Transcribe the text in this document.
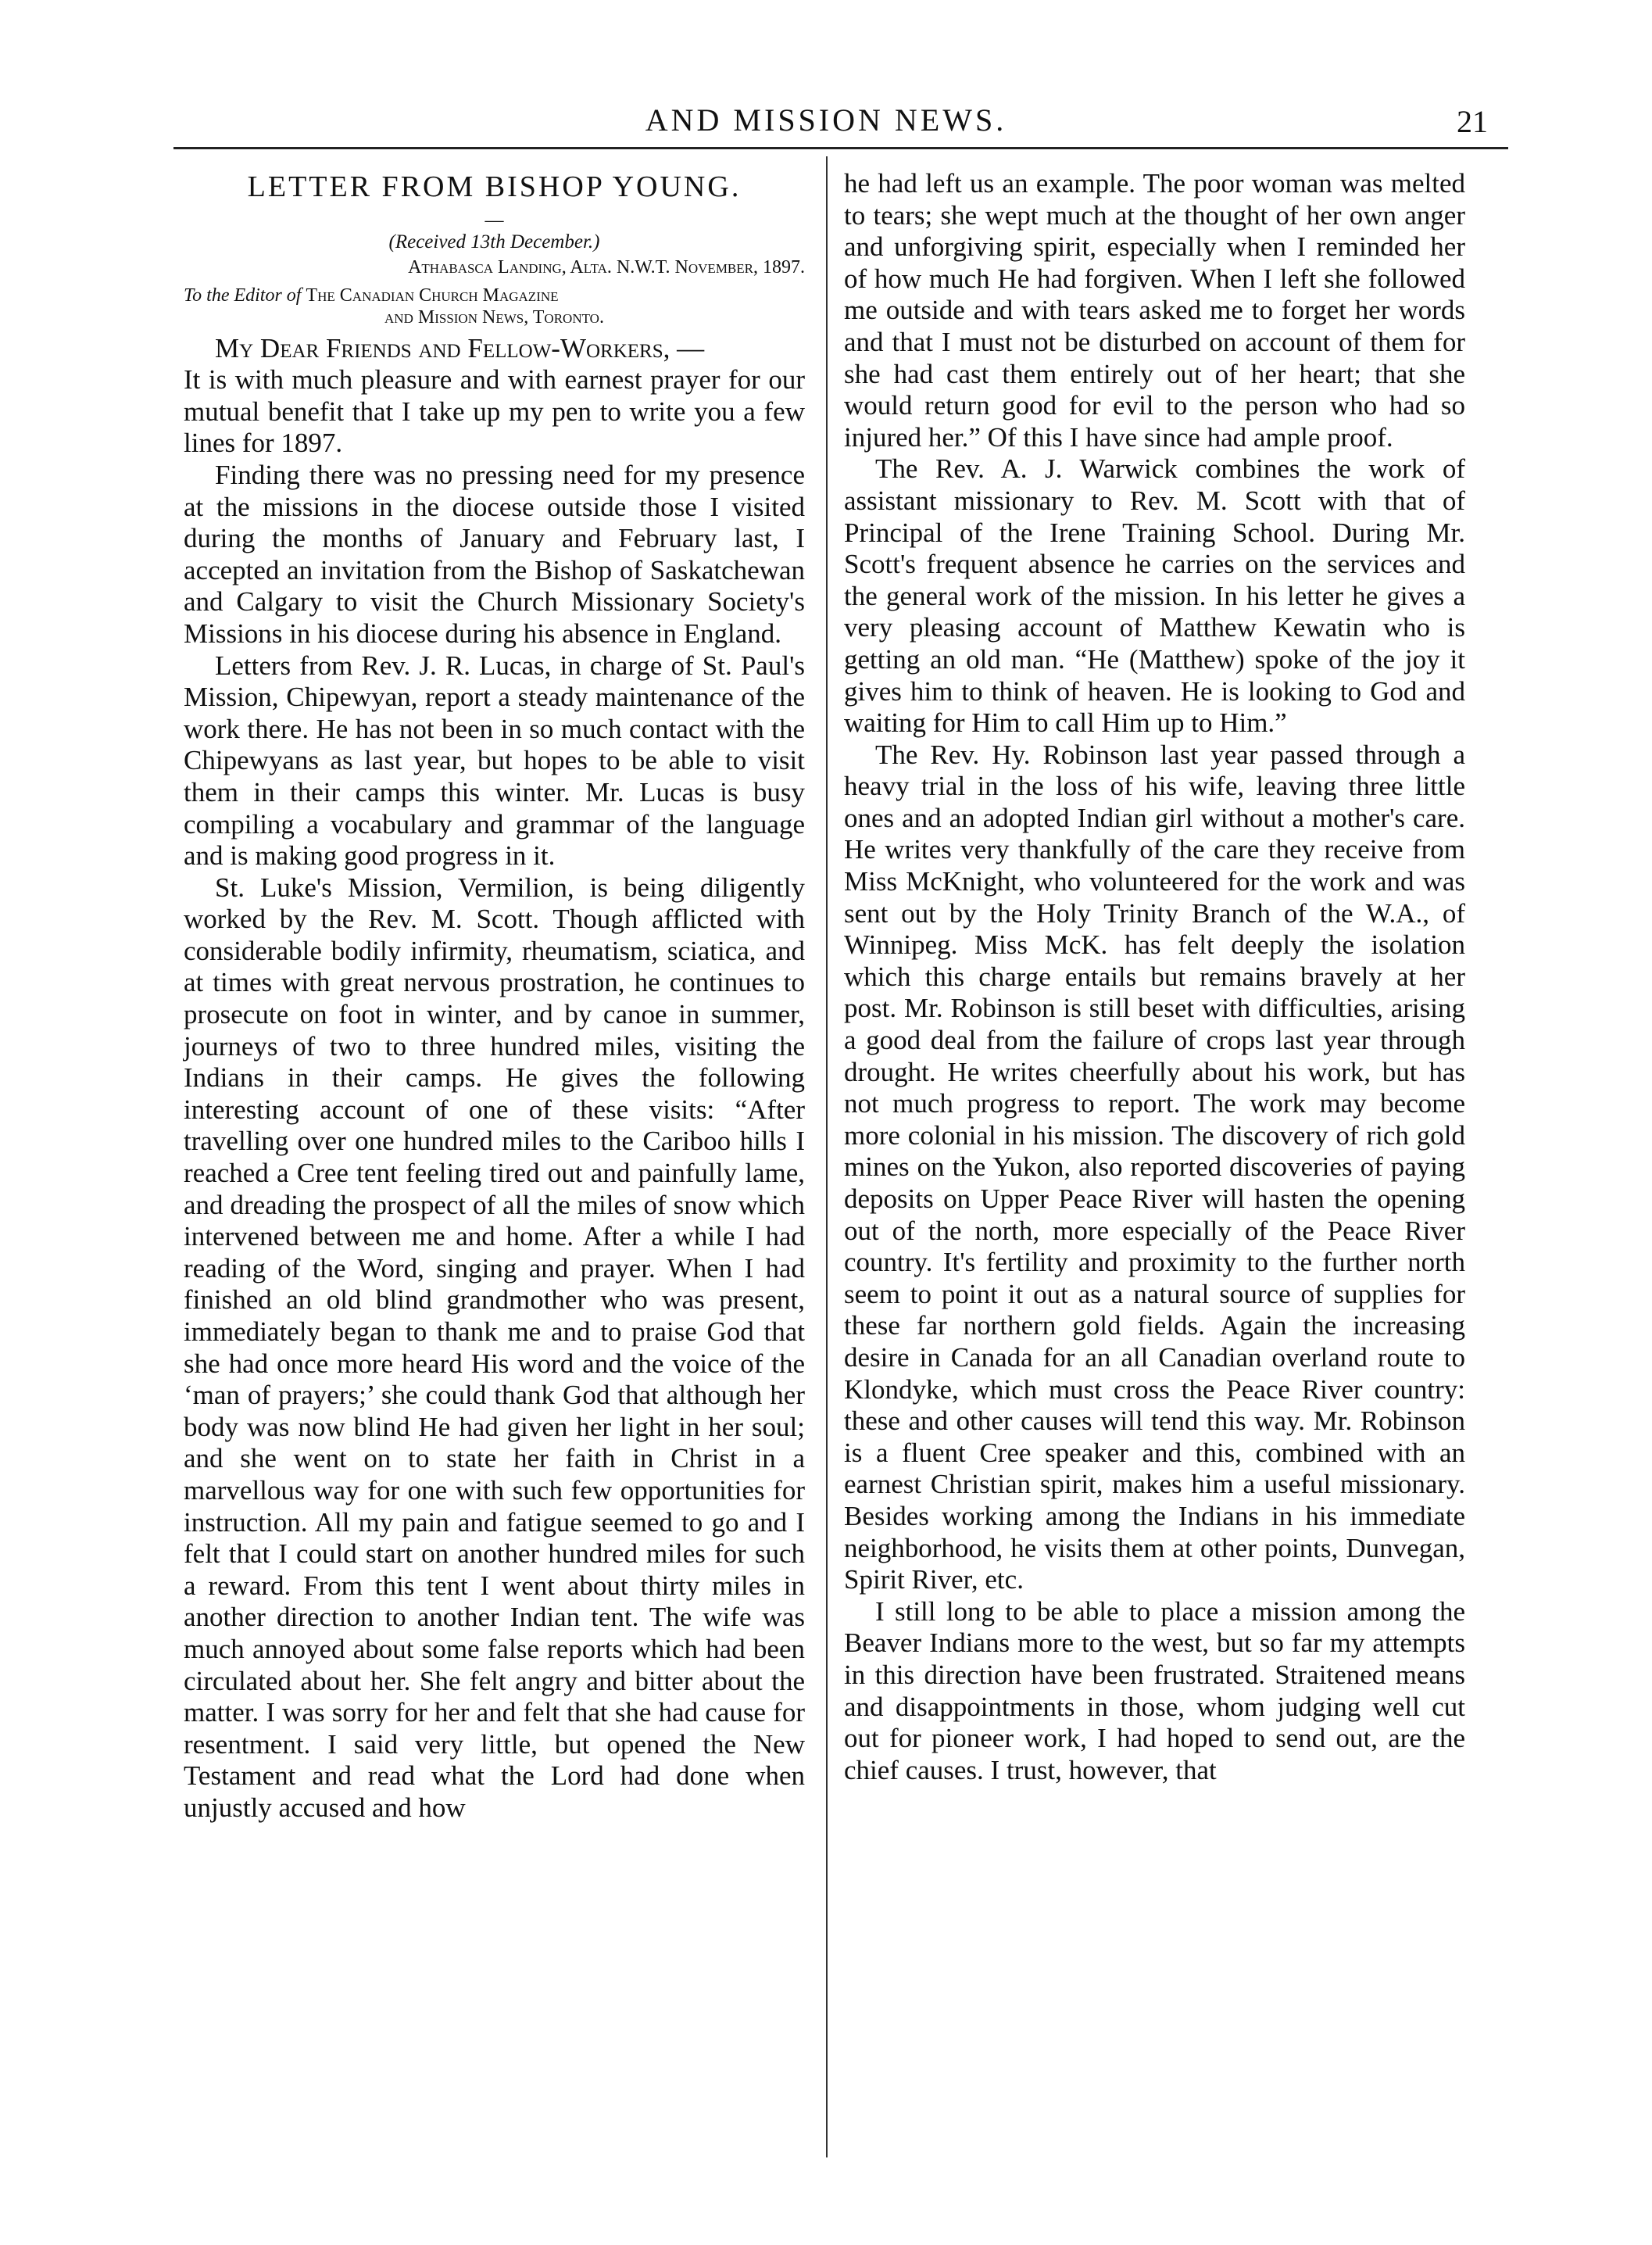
AND MISSION NEWS.	21
LETTER FROM BISHOP YOUNG.
—
(Received 13th December.)
Athabasca Landing, Alta. N.W.T. November, 1897.
To the Editor of The Canadian Church Magazine
and Mission News, Toronto.

My Dear Friends and Fellow-Workers, —

It is with much pleasure and with earnest prayer for our mutual benefit that I take up my pen to write you a few lines for 1897.

Finding there was no pressing need for my presence at the missions in the diocese outside those I visited during the months of January and February last, I accepted an invitation from the Bishop of Saskatchewan and Calgary to visit the Church Missionary Society's Missions in his diocese during his absence in England.

Letters from Rev. J. R. Lucas, in charge of St. Paul's Mission, Chipewyan, report a steady maintenance of the work there. He has not been in so much contact with the Chipewyans as last year, but hopes to be able to visit them in their camps this winter. Mr. Lucas is busy compiling a vocabulary and grammar of the language and is making good progress in it.

St. Luke's Mission, Vermilion, is being diligently worked by the Rev. M. Scott. Though afflicted with considerable bodily infirmity, rheumatism, sciatica, and at times with great nervous prostration, he continues to prosecute on foot in winter, and by canoe in summer, journeys of two to three hundred miles, visiting the Indians in their camps. He gives the following interesting account of one of these visits: “After travelling over one hundred miles to the Cariboo hills I reached a Cree tent feeling tired out and painfully lame, and dreading the prospect of all the miles of snow which intervened between me and home. After a while I had reading of the Word, singing and prayer. When I had finished an old blind grandmother who was present, immediately began to thank me and to praise God that she had once more heard His word and the voice of the ‘man of prayers;’ she could thank God that although her body was now blind He had given her light in her soul; and she went on to state her faith in Christ in a marvellous way for one with such few opportunities for instruction. All my pain and fatigue seemed to go and I felt that I could start on another hundred miles for such a reward. From this tent I went about thirty miles in another direction to another Indian tent. The wife was much annoyed about some false reports which had been circulated about her. She felt angry and bitter about the matter. I was sorry for her and felt that she had cause for resentment. I said very little, but opened the New Testament and read what the Lord had done when unjustly accused and how

he had left us an example. The poor woman was melted to tears; she wept much at the thought of her own anger and unforgiving spirit, especially when I reminded her of how much He had forgiven. When I left she followed me outside and with tears asked me to forget her words and that I must not be disturbed on account of them for she had cast them entirely out of her heart; that she would return good for evil to the person who had so injured her.” Of this I have since had ample proof.

The Rev. A. J. Warwick combines the work of assistant missionary to Rev. M. Scott with that of Principal of the Irene Training School. During Mr. Scott's frequent absence he carries on the services and the general work of the mission. In his letter he gives a very pleasing account of Matthew Kewatin who is getting an old man. “He (Matthew) spoke of the joy it gives him to think of heaven. He is looking to God and waiting for Him to call Him up to Him.”

The Rev. Hy. Robinson last year passed through a heavy trial in the loss of his wife, leaving three little ones and an adopted Indian girl without a mother's care. He writes very thankfully of the care they receive from Miss McKnight, who volunteered for the work and was sent out by the Holy Trinity Branch of the W.A., of Winnipeg. Miss McK. has felt deeply the isolation which this charge entails but remains bravely at her post. Mr. Robinson is still beset with difficulties, arising a good deal from the failure of crops last year through drought. He writes cheerfully about his work, but has not much progress to report. The work may become more colonial in his mission. The discovery of rich gold mines on the Yukon, also reported discoveries of paying deposits on Upper Peace River will hasten the opening out of the north, more especially of the Peace River country. It's fertility and proximity to the further north seem to point it out as a natural source of supplies for these far northern gold fields. Again the increasing desire in Canada for an all Canadian overland route to Klondyke, which must cross the Peace River country: these and other causes will tend this way. Mr. Robinson is a fluent Cree speaker and this, combined with an earnest Christian spirit, makes him a useful missionary. Besides working among the Indians in his immediate neighborhood, he visits them at other points, Dunvegan, Spirit River, etc.

I still long to be able to place a mission among the Beaver Indians more to the west, but so far my attempts in this direction have been frustrated. Straitened means and disappointments in those, whom judging well cut out for pioneer work, I had hoped to send out, are the chief causes. I trust, however, that
